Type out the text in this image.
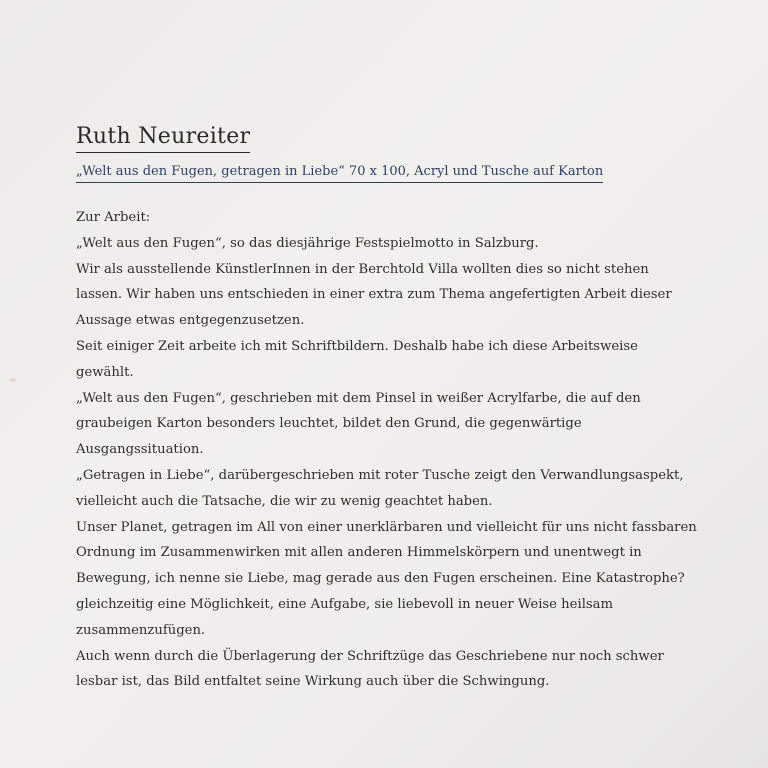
Ruth Neureiter
„Welt aus den Fugen, getragen in Liebe“ 70 x 100, Acryl und Tusche auf Karton
Zur Arbeit:
„Welt aus den Fugen“, so das diesjährige Festspielmotto in Salzburg.
Wir als ausstellende KünstlerInnen in der Berchtold Villa wollten dies so nicht stehen
lassen. Wir haben uns entschieden in einer extra zum Thema angefertigten Arbeit dieser
Aussage etwas entgegenzusetzen.
Seit einiger Zeit arbeite ich mit Schriftbildern. Deshalb habe ich diese Arbeitsweise
gewählt.
„Welt aus den Fugen“, geschrieben mit dem Pinsel in weißer Acrylfarbe, die auf den
graubeigen Karton besonders leuchtet, bildet den Grund, die gegenwärtige
Ausgangssituation.
„Getragen in Liebe“, darübergeschrieben mit roter Tusche zeigt den Verwandlungsaspekt,
vielleicht auch die Tatsache, die wir zu wenig geachtet haben.
Unser Planet, getragen im All von einer unerklärbaren und vielleicht für uns nicht fassbaren
Ordnung im Zusammenwirken mit allen anderen Himmelskörpern und unentwegt in
Bewegung, ich nenne sie Liebe, mag gerade aus den Fugen erscheinen. Eine Katastrophe?
gleichzeitig eine Möglichkeit, eine Aufgabe, sie liebevoll in neuer Weise heilsam
zusammenzufügen.
Auch wenn durch die Überlagerung der Schriftzüge das Geschriebene nur noch schwer
lesbar ist, das Bild entfaltet seine Wirkung auch über die Schwingung.
